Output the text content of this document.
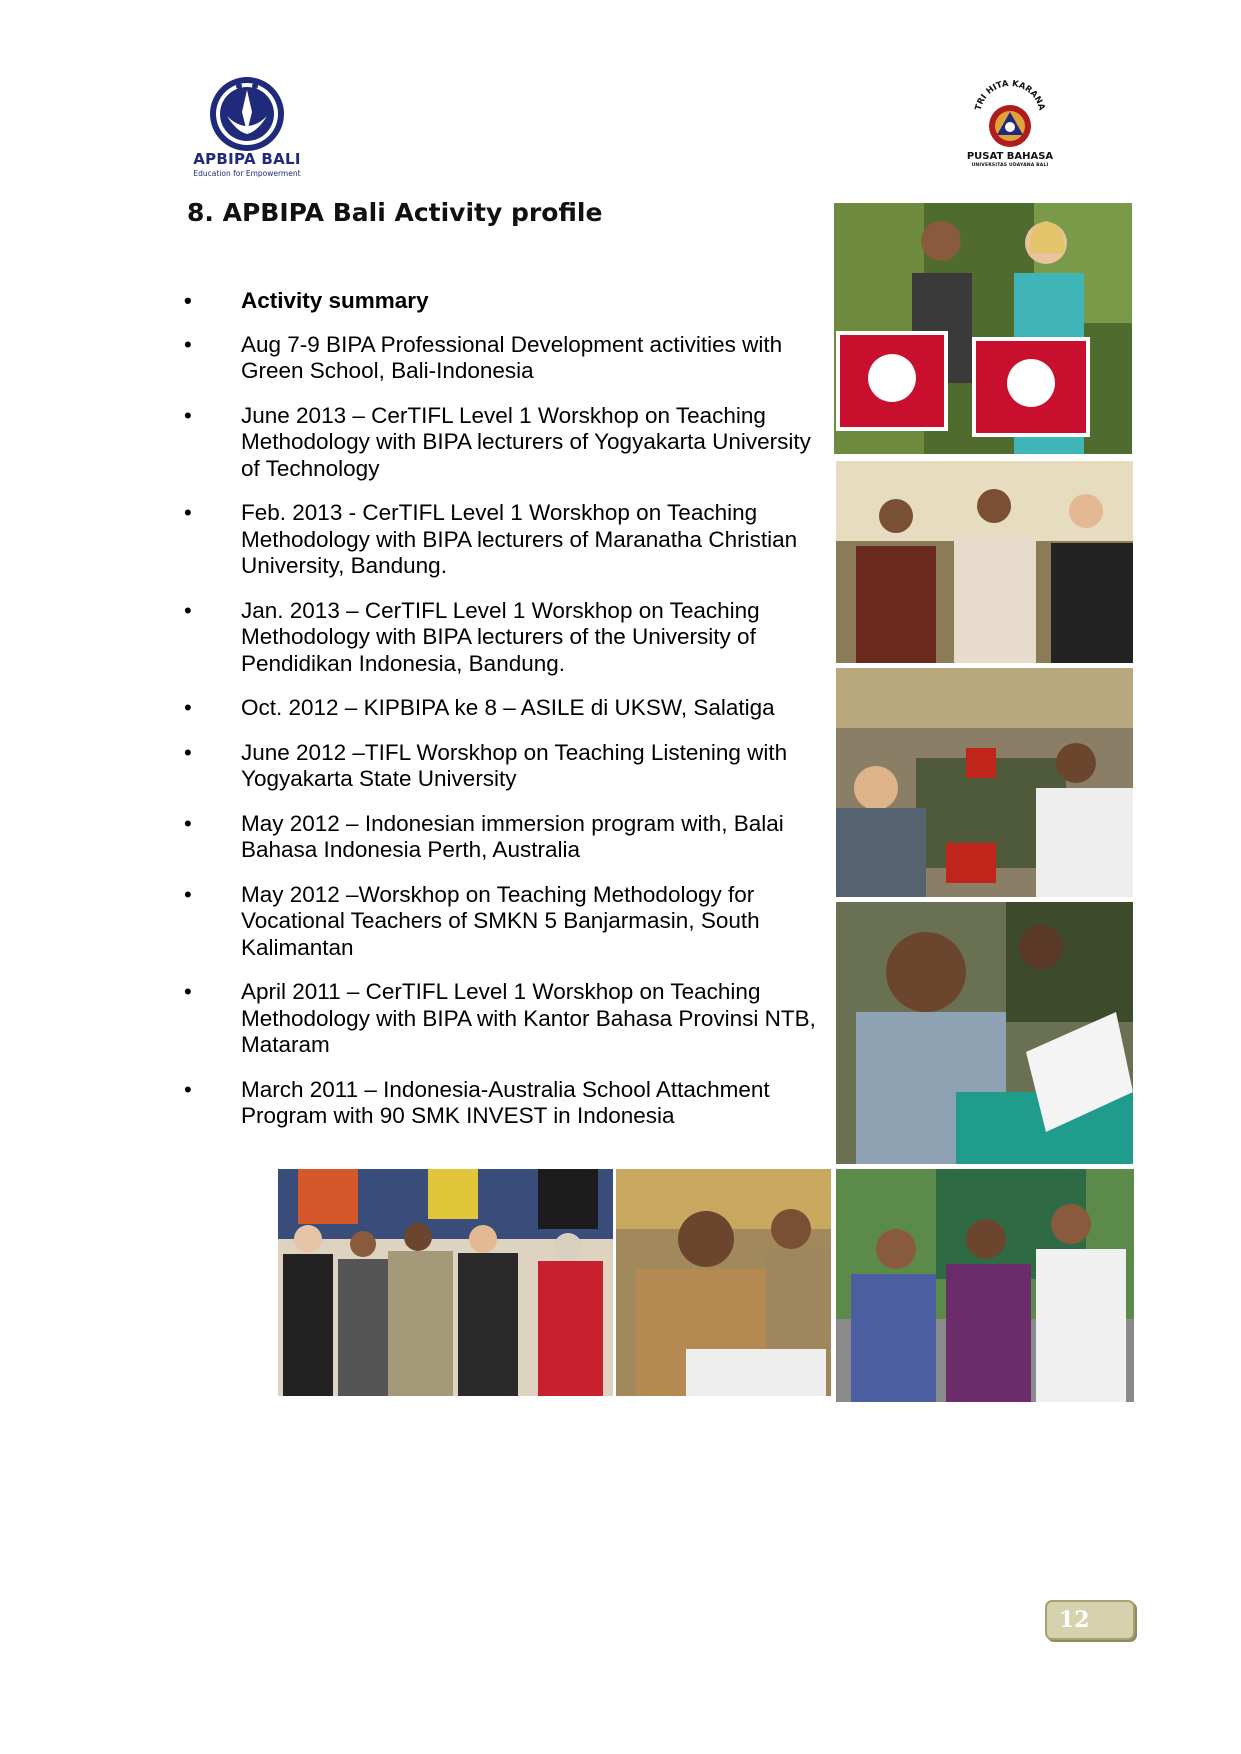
APBIPA BALI
Education for Empowerment
TRI HITA KARANA
PUSAT BAHASA
UNIVERSITAS UDAYANA BALI
8. APBIPA Bali Activity profile
• Activity summary
• Aug 7-9 BIPA Professional Development activities with Green School, Bali-Indonesia
• June 2013 – CerTIFL Level 1 Worskhop on Teaching Methodology with BIPA lecturers of Yogyakarta University of Technology
• Feb. 2013 - CerTIFL Level 1 Worskhop on Teaching Methodology with BIPA lecturers of Maranatha Christian University, Bandung.
• Jan. 2013 – CerTIFL Level 1 Worskhop on Teaching Methodology with BIPA lecturers of the University of Pendidikan Indonesia, Bandung.
• Oct. 2012 – KIPBIPA ke 8 – ASILE di UKSW, Salatiga
• June 2012 –TIFL Worskhop on Teaching Listening with Yogyakarta State University
• May 2012 – Indonesian immersion program with, Balai Bahasa Indonesia Perth, Australia
• May 2012 –Worskhop on Teaching Methodology for Vocational Teachers of SMKN 5 Banjarmasin, South Kalimantan
• April 2011 – CerTIFL Level 1 Worskhop on Teaching Methodology with BIPA with Kantor Bahasa Provinsi NTB, Mataram
• March 2011 – Indonesia-Australia School Attachment Program with 90 SMK INVEST in Indonesia
12
